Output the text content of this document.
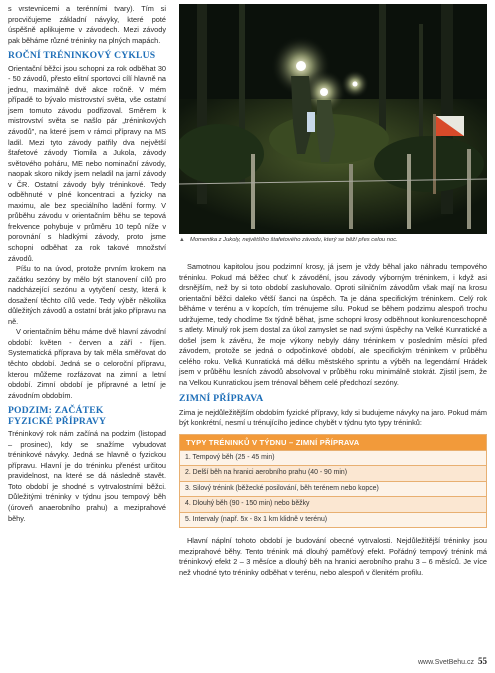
s vrstevnicemi a terénními tvary). Tím si procvičujeme základní návyky, které poté úspěšně aplikujeme v závodech. Mezi závody pak běháme různé tréninky na plných mapách.

ROČNÍ TRÉNINKOVÝ CYKLUS

Orientační běžci jsou schopni za rok odběhat 30 - 50 závodů, přesto elitní sportovci cílí hlavně na jednu, maximálně dvě akce ročně. V mém případě to bývalo mistrovství světa, vše ostatní jsem tomuto závodu podřizoval. Směrem k mistrovství světa se našlo pár „tréninkových závodů", na které jsem v rámci přípravy na MS ladil. Mezi tyto závody patřily dva největší štafetové závody Tiomila a Jukola, závody světového poháru, ME nebo nominační závody, naopak skoro nikdy jsem neladil na jarní závody v ČR. Ostatní závody byly tréninkové. Tedy odběhnuté v plné koncentraci a fyzicky na maximu, ale bez speciálního ladění formy. V průběhu závodu v orientačním běhu se tepová frekvence pohybuje v průměru 10 tepů níže v porovnání s hladkými závody, proto jsme schopni odběhat za rok takové množství závodů.

Píšu to na úvod, protože prvním krokem na začátku sezóny by mělo být stanovení cílů pro nadcházející sezónu a vytyčení cesty, která k dosažení těchto cílů vede. Tedy výběr několika důležitých závodů a ostatní brát jako přípravu na ně.

V orientačním běhu máme dvě hlavní závodní období: květen - červen a září - říjen. Systematická příprava by tak měla směřovat do těchto období. Jedná se o celoroční přípravu, kterou můžeme rozfázovat na zimní a letní období. Zimní období je přípravné a letní je závodním obdobím.

PODZIM: ZAČÁTEK
FYZICKÉ PŘÍPRAVY

Tréninkový rok nám začíná na podzim (listopad – prosinec), kdy se snažíme vybudovat tréninkové návyky. Jedná se hlavně o fyzickou přípravu. Hlavní je do tréninku přenést určitou pravidelnost, na které se dá následně stavět. Toto období je shodné s vytrvalostními běžci. Důležitými tréninky v týdnu jsou tempový běh (úroveň anaerobního prahu) a meziprahové běhy.

▲ Momentka z Jukoly, největšího štafetového závodu, který se běží přes celou noc.

Samotnou kapitolou jsou podzimní krosy, já jsem je vždy běhal jako náhradu tempového tréninku. Pokud má běžec chuť k závodění, jsou závody výborným tréninkem, i když asi drsnějším, než by si toto období zasluhovalo. Oproti silničním závodům však mají na krosu orientační běžci daleko větší šanci na úspěch. Ta je dána specifickým tréninkem. Celý rok běháme v terénu a v kopcích, tím trénujeme sílu. Pokud se během podzimu alespoň trochu udržujeme, tedy chodíme 5x týdně běhat, jsme schopni krosy odběhnout konkurenceschopně s atlety. Minulý rok jsem dostal za úkol zamyslet se nad svými úspěchy na Velké Kunratické a došel jsem k závěru, že moje výkony nebyly dány tréninkem v posledním měsíci před závodem, protože se jedná o odpočinkové období, ale specifickým tréninkem v průběhu celého roku. Velká Kunratická má délku městského sprintu a výběh na legendární Hrádek jsem v průběhu lesních závodů absolvoval v průběhu roku minimálně stokrát. Zjistil jsem, že na Velkou Kunratickou jsem trénoval během celé předchozí sezóny.

ZIMNÍ PŘÍPRAVA

Zima je nejdůležitějším obdobím fyzické přípravy, kdy si budujeme návyky na jaro. Pokud mám být konkrétní, nesmí u trénujícího jedince chybět v týdnu tyto typy tréninků:

TYPY TRÉNINKŮ V TÝDNU – ZIMNÍ PŘÍPRAVA
1. Tempový běh (25 - 45 min)
2. Delší běh na hranici aerobního prahu (40 - 90 min)
3. Silový trénink (běžecké posilování, běh terénem nebo kopce)
4. Dlouhý běh (90 - 150 min) nebo běžky
5. Intervaly (např. 5x - 8x 1 km klidně v terénu)

Hlavní náplní tohoto období je budování obecné vytrvalosti. Nejdůležitější tréninky jsou meziprahové běhy. Tento trénink má dlouhý paměťový efekt. Pořádný tempový trénink má tréninkový efekt 2 – 3 měsíce a dlouhý běh na hranici aerobního prahu 3 – 6 měsíců. Je více než vhodné tyto tréninky odběhat v terénu, nebo alespoň v členitém profilu.

www.SvetBehu.cz 55
